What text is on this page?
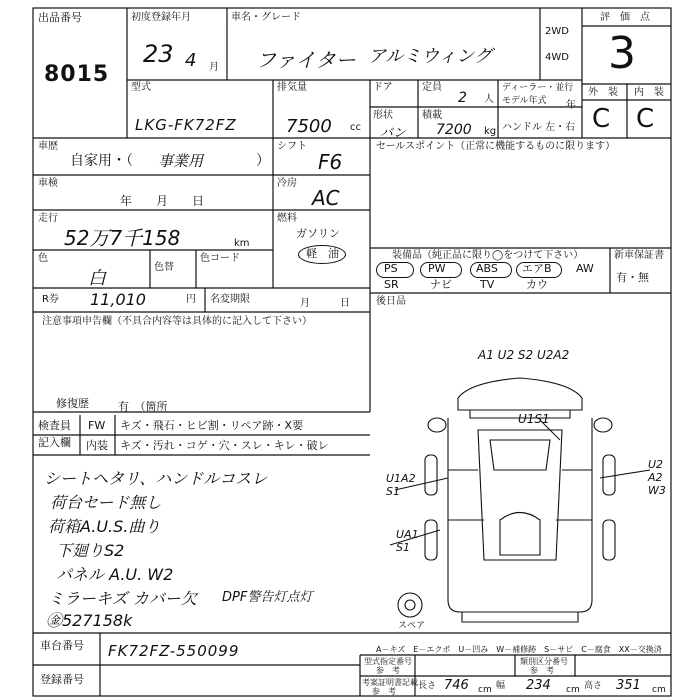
出品番号
8015
初度登録年月
23 4 月
車名・グレード
ファイター アルミウィング
2WD
4WD
評　価　点
3
型式
LKG-FK72FZ
排気量
7500 cc
ドア	定員
2 人
ディーラー・並行
モデル年式	年
外　装 内　装
C C
形状
バン
積載
7200 kg ハンドル 左・右
車歴
自家用・（ 事業用	）
シフト
F6
車検
年　　月　　日
冷房
AC
走行
52万7千158	km
燃料
ガソリン
軽　油
色
白
色替
色コード
R券 11,010	円 名変期限	月　　　日
セールスポイント（正常に機能するものに限ります）
装備品（純正品に限り◯をつけて下さい）	新車保証書
有・無
PS	PW	ABS エアB AW
SR	ナビ	TV	カウ
後日品
注意事項申告欄（不具合内容等は具体的に記入して下さい）
修復歴	有　（箇所
検査員
記入欄
FW キズ・飛石・ヒビ割・リペア跡・X要
内装 キズ・汚れ・コゲ・穴・スレ・キレ・破レ
シートヘタリ、ハンドルコスレ
荷台セード無し
荷箱A.U.S.曲り
下廻りS2
パネル A.U. W2
ミラーキズ カバー欠 DPF警告灯点灯
㊎527158k
A1 U2 S2 U2A2
U1S1
U1A2 S1
UA1 S1
U2 A2 W3
スペア
A－キズ　E－エクボ　U－凹み　W－補修跡　S－サビ　C－腐食　XX－交換済
車台番号 FK72FZ-550099
登録番号
型式指定番号
参　考
類別区分番号
参　考
考案証明書記載
参　考
長さ 746 cm 幅 234 cm 高さ 351 cm
